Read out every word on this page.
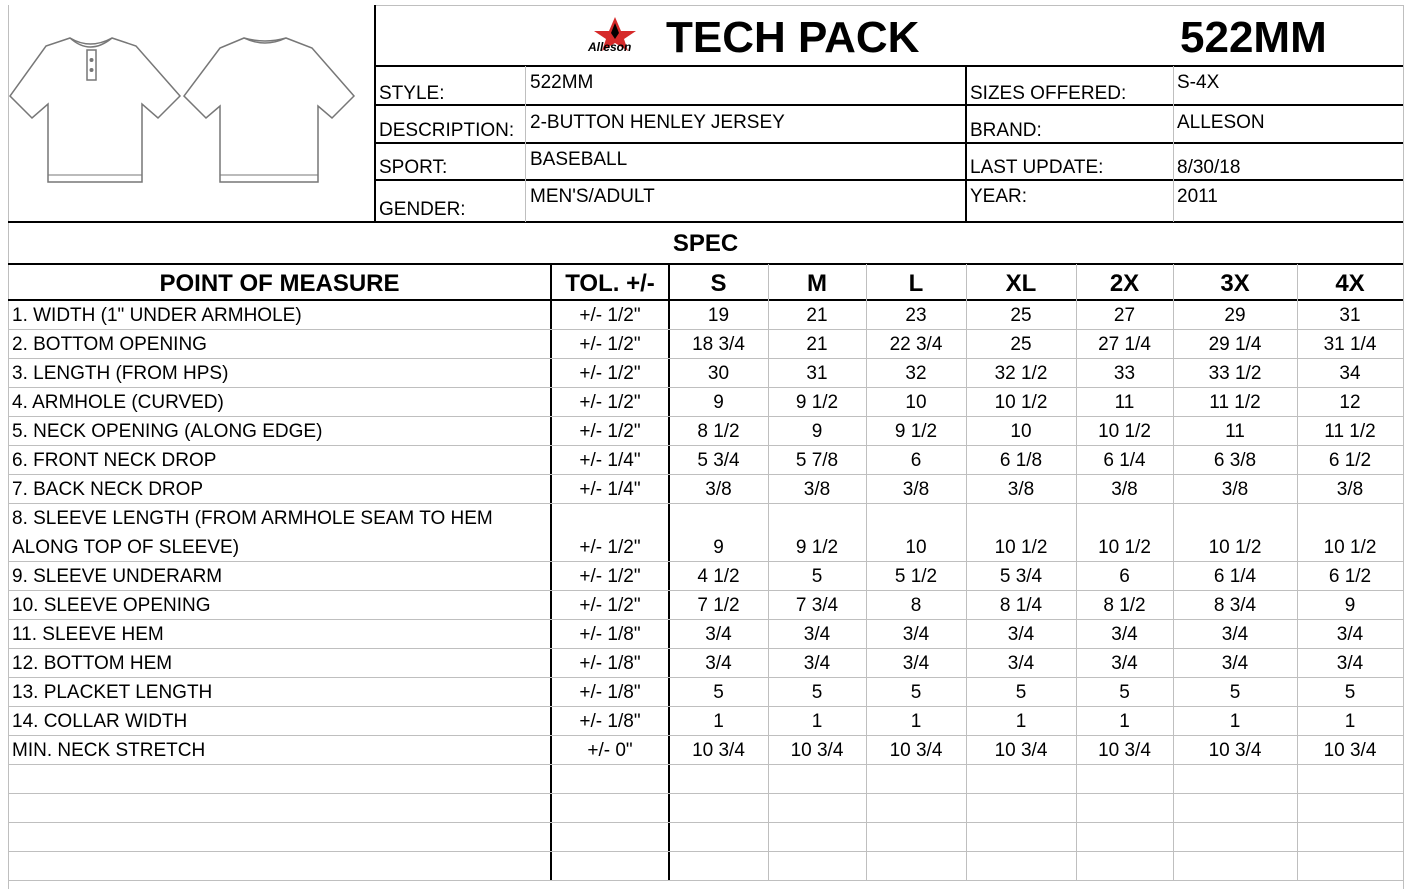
Alleson TECH PACK	522MM
STYLE:
522MM
DESCRIPTION: 2-BUTTON HENLEY JERSEY
SPORT:	BASEBALL
GENDER:
MEN'S/ADULT
SIZES OFFERED:
S-4X
BRAND:	ALLESON
LAST UPDATE:	8/30/18
YEAR:	2011
SPEC
POINT OF MEASURE	TOL. +/-	S	M	L	XL	2X	3X	4X
1. WIDTH (1" UNDER ARMHOLE)	+/- 1/2"	19	21	23	25	27	29	31
2. BOTTOM OPENING	+/- 1/2"	18 3/4	21	22 3/4	25	27 1/4	29 1/4	31 1/4
3. LENGTH (FROM HPS)	+/- 1/2"	30	31	32	32 1/2	33	33 1/2	34
4. ARMHOLE (CURVED)	+/- 1/2"	9	9 1/2	10	10 1/2	11	11 1/2	12
5. NECK OPENING (ALONG EDGE)	+/- 1/2"	8 1/2	9	9 1/2	10	10 1/2	11	11 1/2
6. FRONT NECK DROP	+/- 1/4"	5 3/4	5 7/8	6	6 1/8	6 1/4	6 3/8	6 1/2
7. BACK NECK DROP	+/- 1/4"	3/8	3/8	3/8	3/8	3/8	3/8	3/8
8. SLEEVE LENGTH (FROM ARMHOLE SEAM TO HEM
ALONG TOP OF SLEEVE)	+/- 1/2"	9	9 1/2	10	10 1/2	10 1/2	10 1/2	10 1/2
9. SLEEVE UNDERARM	+/- 1/2"	4 1/2	5	5 1/2	5 3/4	6	6 1/4	6 1/2
10. SLEEVE OPENING	+/- 1/2"	7 1/2	7 3/4	8	8 1/4	8 1/2	8 3/4	9
11. SLEEVE HEM	+/- 1/8"	3/4	3/4	3/4	3/4	3/4	3/4	3/4
12. BOTTOM HEM	+/- 1/8"	3/4	3/4	3/4	3/4	3/4	3/4	3/4
13. PLACKET LENGTH	+/- 1/8"	5	5	5	5	5	5	5
14. COLLAR WIDTH	+/- 1/8"	1	1	1	1	1	1	1
MIN. NECK STRETCH	+/- 0"	10 3/4	10 3/4	10 3/4	10 3/4	10 3/4	10 3/4	10 3/4
